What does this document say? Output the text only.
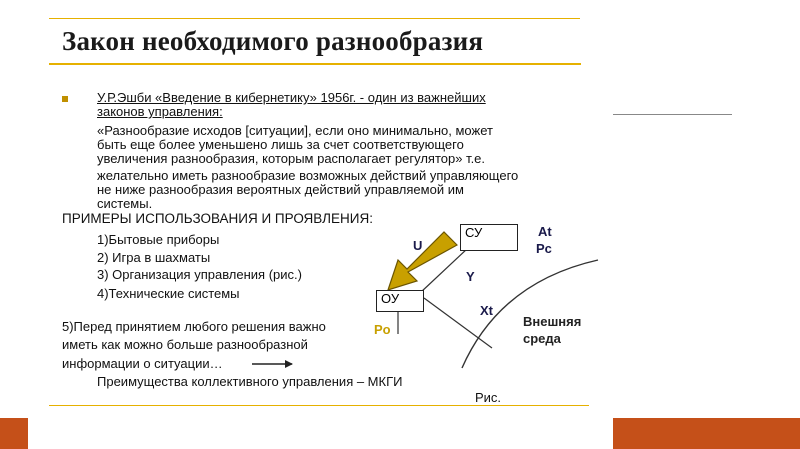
Закон необходимого разнообразия
У.Р.Эшби «Введение в кибернетику» 1956г. - один из важнейших
законов управления:
«Разнообразие исходов [ситуации], если оно минимально, может
быть еще более уменьшено лишь за счет соответствующего
увеличения разнообразия, которым располагает регулятор» т.е.
желательно иметь разнообразие возможных действий управляющего
не ниже разнообразия вероятных действий управляемой им
системы.
ПРИМЕРЫ ИСПОЛЬЗОВАНИЯ И ПРОЯВЛЕНИЯ:
1)Бытовые приборы
2) Игра в шахматы
3) Организация управления (рис.)
4)Технические системы
5)Перед принятием любого решения важно
иметь как можно больше разнообразной
информации о ситуации…
Преимущества коллективного управления – МКГИ
СУ
ОУ
U
Y
Xt
At
Pc
Po
Внешняя
среда
Рис.
